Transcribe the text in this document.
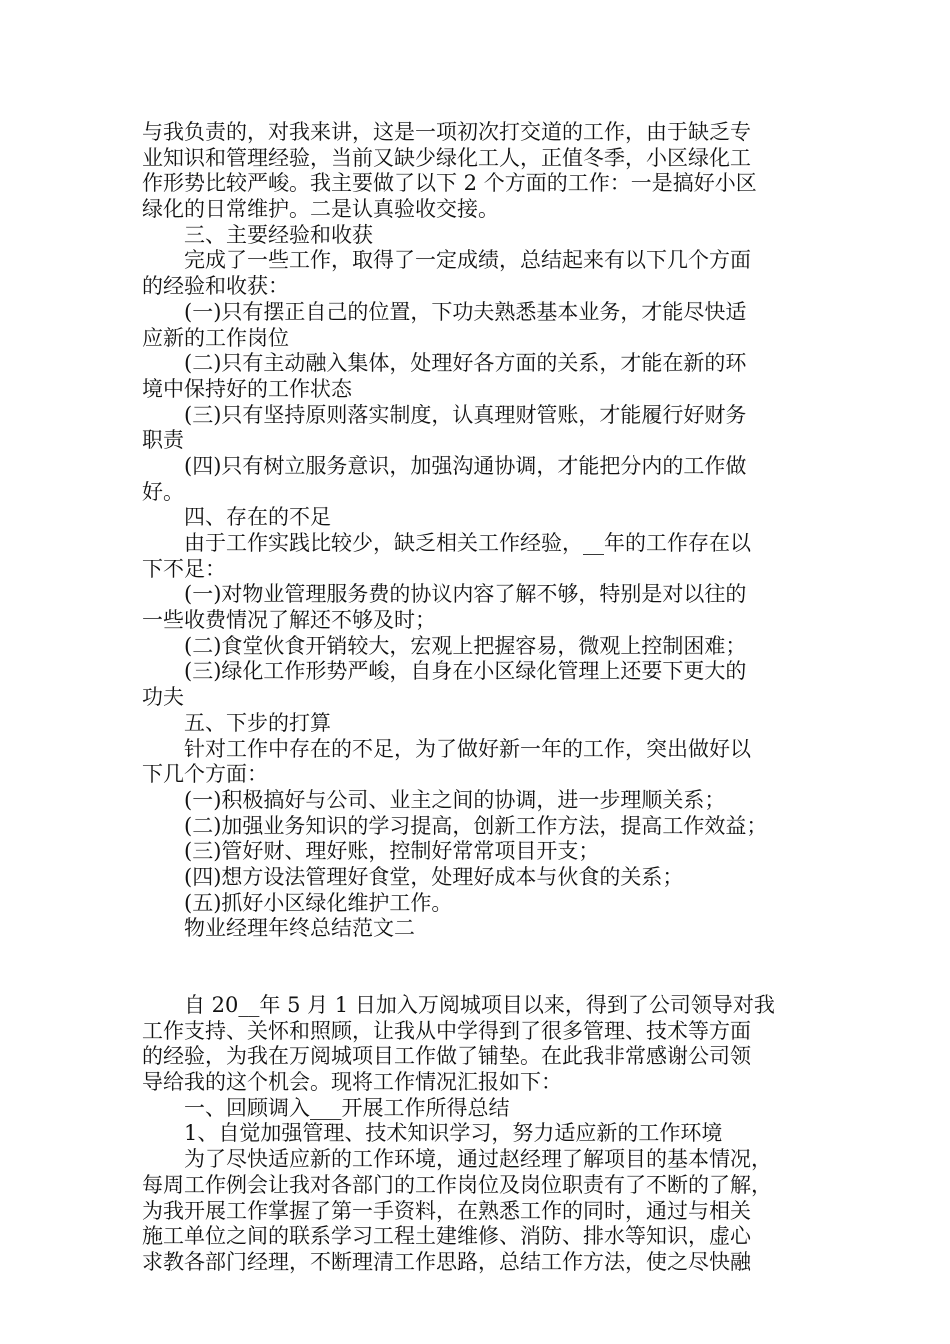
与我负责的，对我来讲，这是一项初次打交道的工作，由于缺乏专
业知识和管理经验，当前又缺少绿化工人，正值冬季，小区绿化工
作形势比较严峻。我主要做了以下 2 个方面的工作：一是搞好小区
绿化的日常维护。二是认真验收交接。
　　三、主要经验和收获
　　完成了一些工作，取得了一定成绩，总结起来有以下几个方面
的经验和收获：
　　(一)只有摆正自己的位置，下功夫熟悉基本业务，才能尽快适
应新的工作岗位
　　(二)只有主动融入集体，处理好各方面的关系，才能在新的环
境中保持好的工作状态
　　(三)只有坚持原则落实制度，认真理财管账，才能履行好财务
职责
　　(四)只有树立服务意识，加强沟通协调，才能把分内的工作做
好。
　　四、存在的不足
　　由于工作实践比较少，缺乏相关工作经验，__年的工作存在以
下不足：
　　(一)对物业管理服务费的协议内容了解不够，特别是对以往的
一些收费情况了解还不够及时；
　　(二)食堂伙食开销较大，宏观上把握容易，微观上控制困难；
　　(三)绿化工作形势严峻，自身在小区绿化管理上还要下更大的
功夫
　　五、下步的打算
　　针对工作中存在的不足，为了做好新一年的工作，突出做好以
下几个方面：
　　(一)积极搞好与公司、业主之间的协调，进一步理顺关系；
　　(二)加强业务知识的学习提高，创新工作方法，提高工作效益；
　　(三)管好财、理好账，控制好常常项目开支；
　　(四)想方设法管理好食堂，处理好成本与伙食的关系；
　　(五)抓好小区绿化维护工作。
　　物业经理年终总结范文二
　　自 20__年 5 月 1 日加入万阅城项目以来，得到了公司领导对我
工作支持、关怀和照顾，让我从中学得到了很多管理、技术等方面
的经验，为我在万阅城项目工作做了铺垫。在此我非常感谢公司领
导给我的这个机会。现将工作情况汇报如下：
　　一、回顾调入___开展工作所得总结
　　1、自觉加强管理、技术知识学习，努力适应新的工作环境
　　为了尽快适应新的工作环境，通过赵经理了解项目的基本情况，
每周工作例会让我对各部门的工作岗位及岗位职责有了不断的了解，
为我开展工作掌握了第一手资料，在熟悉工作的同时，通过与相关
施工单位之间的联系学习工程土建维修、消防、排水等知识，虚心
求教各部门经理，不断理清工作思路，总结工作方法，使之尽快融
